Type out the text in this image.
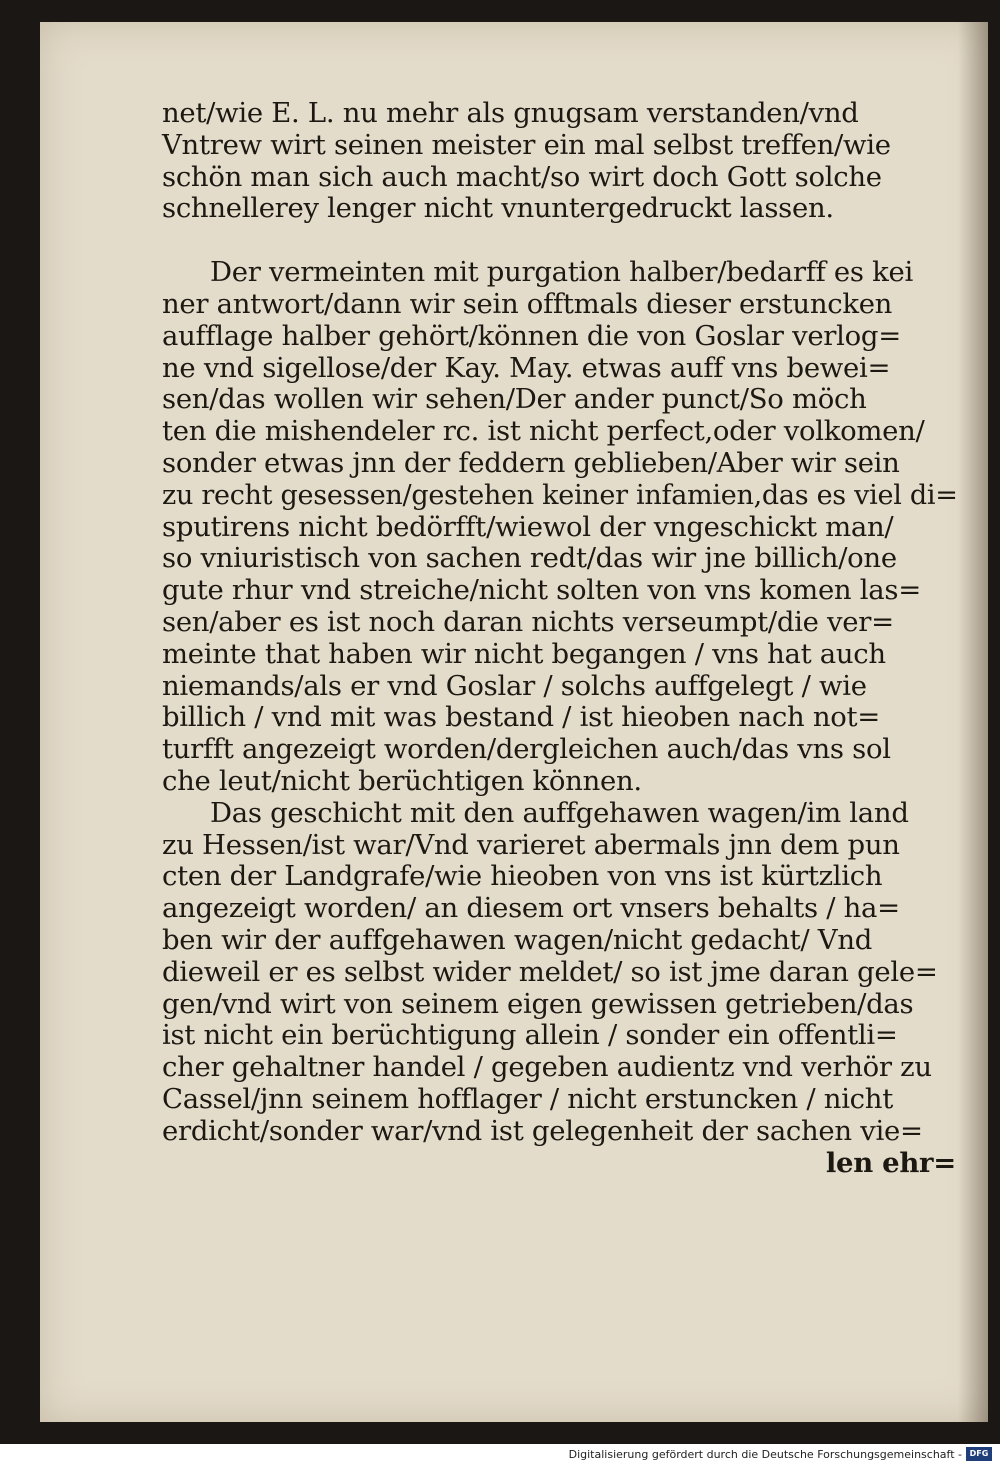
net/wie E. L. nu mehr als gnugsam verstanden/vnd
Vntrew wirt seinen meister ein mal selbst treffen/wie
schön man sich auch macht/so wirt doch Gott solche
schnellerey lenger nicht vnuntergedruckt lassen.
Der vermeinten mit purgation halber/bedarff es kei
ner antwort/dann wir sein offtmals dieser erstuncken
aufflage halber gehört/können die von Goslar verlog=
ne vnd sigellose/der Kay. May. etwas auff vns bewei=
sen/das wollen wir sehen/Der ander punct/So möch
ten die mishendeler rc. ist nicht perfect,oder volkomen/
sonder etwas jnn der feddern geblieben/Aber wir sein
zu recht gesessen/gestehen keiner infamien,das es viel di=
sputirens nicht bedörfft/wiewol der vngeschickt man/
so vniuristisch von sachen redt/das wir jne billich/one
gute rhur vnd streiche/nicht solten von vns komen las=
sen/aber es ist noch daran nichts verseumpt/die ver=
meinte that haben wir nicht begangen / vns hat auch
niemands/als er vnd Goslar / solchs auffgelegt / wie
billich / vnd mit was bestand / ist hieoben nach not=
turfft angezeigt worden/dergleichen auch/das vns sol
che leut/nicht berüchtigen können.
Das geschicht mit den auffgehawen wagen/im land
zu Hessen/ist war/Vnd varieret abermals jnn dem pun
cten der Landgrafe/wie hieoben von vns ist kürtzlich
angezeigt worden/ an diesem ort vnsers behalts / ha=
ben wir der auffgehawen wagen/nicht gedacht/ Vnd
dieweil er es selbst wider meldet/ so ist jme daran gele=
gen/vnd wirt von seinem eigen gewissen getrieben/das
ist nicht ein berüchtigung allein / sonder ein offentli=
cher gehaltner handel / gegeben audientz vnd verhör zu
Cassel/jnn seinem hofflager / nicht erstuncken / nicht
erdicht/sonder war/vnd ist gelegenheit der sachen vie=
len ehr=
Digitalisierung gefördert durch die Deutsche Forschungsgemeinschaft - DFG
